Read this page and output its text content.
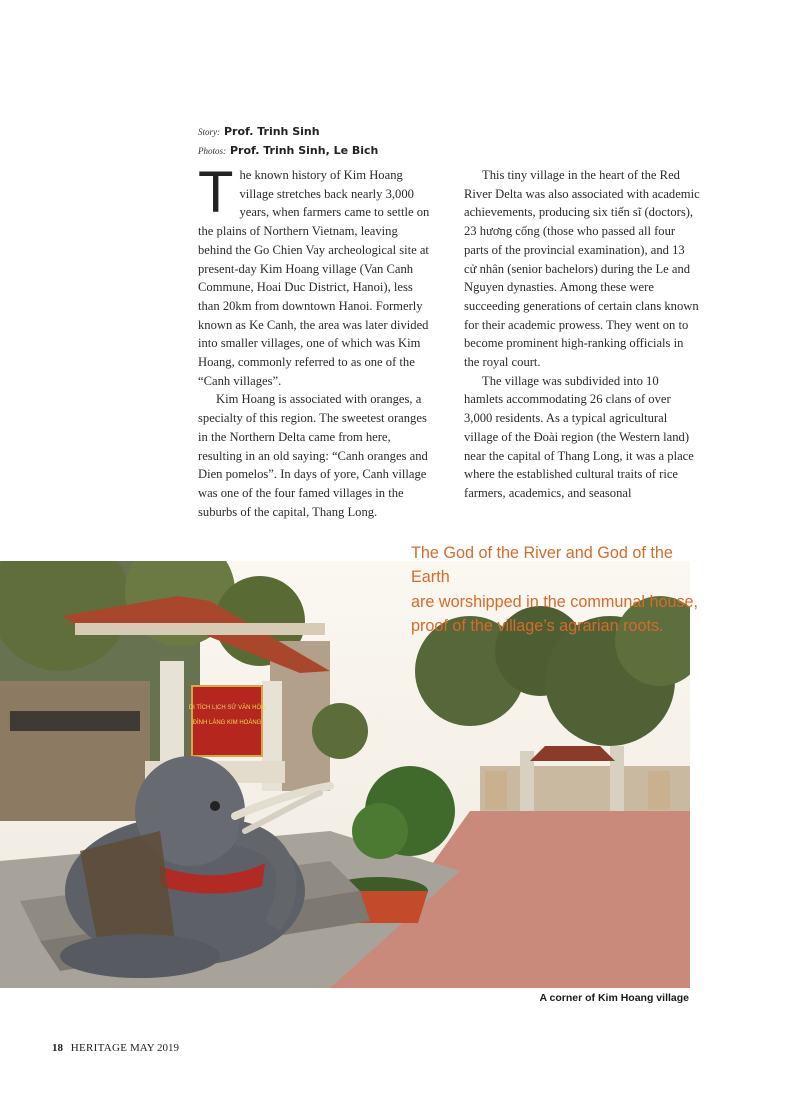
Story: Prof. Trinh Sinh
Photos: Prof. Trinh Sinh, Le Bich

The known history of Kim Hoang village stretches back nearly 3,000 years, when farmers came to settle on the plains of Northern Vietnam, leaving behind the Go Chien Vay archeological site at present-day Kim Hoang village (Van Canh Commune, Hoai Duc District, Hanoi), less than 20km from downtown Hanoi. Formerly known as Ke Canh, the area was later divided into smaller villages, one of which was Kim Hoang, commonly referred to as one of the “Canh villages”.

Kim Hoang is associated with oranges, a specialty of this region. The sweetest oranges in the Northern Delta came from here, resulting in an old saying: “Canh oranges and Dien pomelos”. In days of yore, Canh village was one of the four famed villages in the suburbs of the capital, Thang Long.

This tiny village in the heart of the Red River Delta was also associated with academic achievements, producing six tiến sĩ (doctors), 23 hương cống (those who passed all four parts of the provincial examination), and 13 cử nhân (senior bachelors) during the Le and Nguyen dynasties. Among these were succeeding generations of certain clans known for their academic prowess. They went on to become prominent high-ranking officials in the royal court.

The village was subdivided into 10 hamlets accommodating 26 clans of over 3,000 residents. As a typical agricultural village of the Đoài region (the Western land) near the capital of Thang Long, it was a place where the established cultural traits of rice farmers, academics, and seasonal

DI TÍCH LỊCH SỬ VĂN HÓA
ĐÌNH LÀNG KIM HOÀNG
The God of the River and God of the Earth
are worshipped in the communal house,
proof of the village’s agrarian roots.
A corner of Kim Hoang village
18 HERITAGE MAY 2019
